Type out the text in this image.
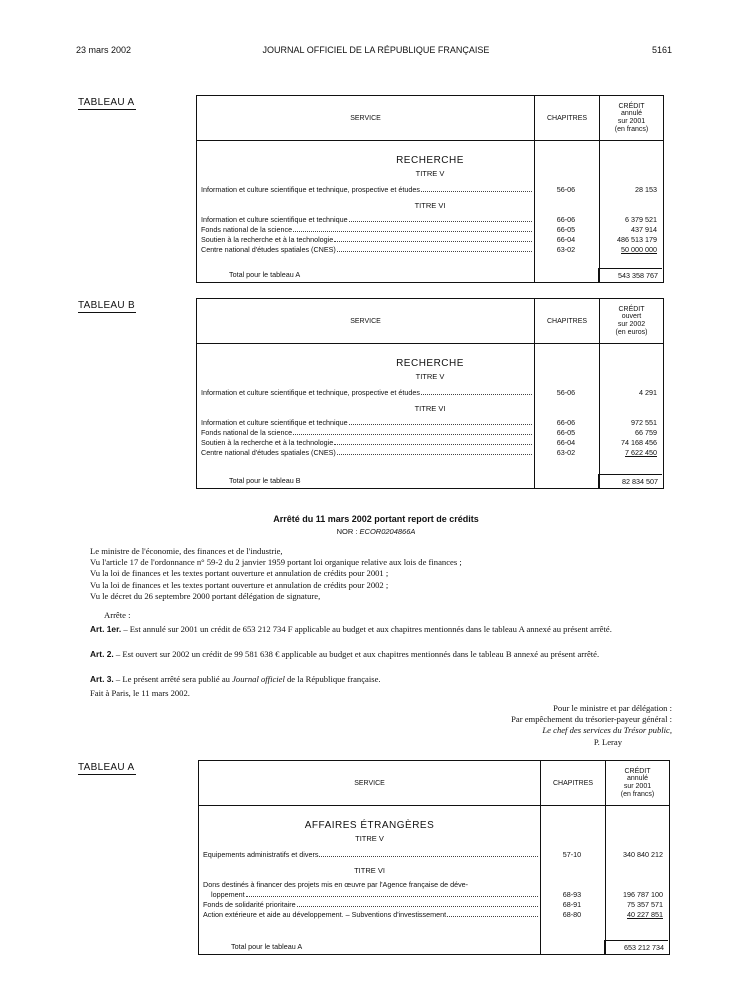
23 mars 2002	JOURNAL OFFICIEL DE LA RÉPUBLIQUE FRANÇAISE	5161
TABLEAU A
SERVICE	CHAPITRES
CRÉDIT
annulé
sur 2001
(en francs)
RECHERCHE
TITRE V
Information et culture scientifique et technique, prospective et études	56-06	28 153
TITRE VI
Information et culture scientifique et technique	66-06	6 379 521
Fonds national de la science	66-05	437 914
Soutien à la recherche et à la technologie	66-04	486 513 179
Centre national d'études spatiales (CNES)	63-02	50 000 000
Total pour le tableau A	543 358 767
TABLEAU B
SERVICE	CHAPITRES
CRÉDIT
ouvert
sur 2002
(en euros)
RECHERCHE
TITRE V
Information et culture scientifique et technique, prospective et études	56-06	4 291
TITRE VI
Information et culture scientifique et technique	66-06	972 551
Fonds national de la science	66-05	66 759
Soutien à la recherche et à la technologie	66-04	74 168 456
Centre national d'études spatiales (CNES)	63-02	7 622 450
Total pour le tableau B	82 834 507
Arrêté du 11 mars 2002 portant report de crédits
NOR : ECOR0204866A
Le ministre de l'économie, des finances et de l'industrie,
Vu l'article 17 de l'ordonnance n° 59-2 du 2 janvier 1959 portant loi organique relative aux lois de finances ;
Vu la loi de finances et les textes portant ouverture et annulation de crédits pour 2001 ;
Vu la loi de finances et les textes portant ouverture et annulation de crédits pour 2002 ;
Vu le décret du 26 septembre 2000 portant délégation de signature,
Arrête :
Art. 1er. – Est annulé sur 2001 un crédit de 653 212 734 F applicable au budget et aux chapitres mentionnés dans le tableau A annexé au présent arrêté.
Art. 2. – Est ouvert sur 2002 un crédit de 99 581 638 € applicable au budget et aux chapitres mentionnés dans le tableau B annexé au présent arrêté.
Art. 3. – Le présent arrêté sera publié au Journal officiel de la République française.
Fait à Paris, le 11 mars 2002.
Pour le ministre et par délégation :
Par empêchement du trésorier-payeur général :
Le chef des services du Trésor public,
P. Leray
TABLEAU A
SERVICE	CHAPITRES
CRÉDIT
annulé
sur 2001
(en francs)
AFFAIRES ÉTRANGÈRES
TITRE V
Equipements administratifs et divers	57-10	340 840 212
TITRE VI
Dons destinés à financer des projets mis en œuvre par l'Agence française de déve-
loppement	68-93	196 787 100
Fonds de solidarité prioritaire	68-91	75 357 571
Action extérieure et aide au développement. – Subventions d'investissement	68-80	40 227 851
Total pour le tableau A	653 212 734
